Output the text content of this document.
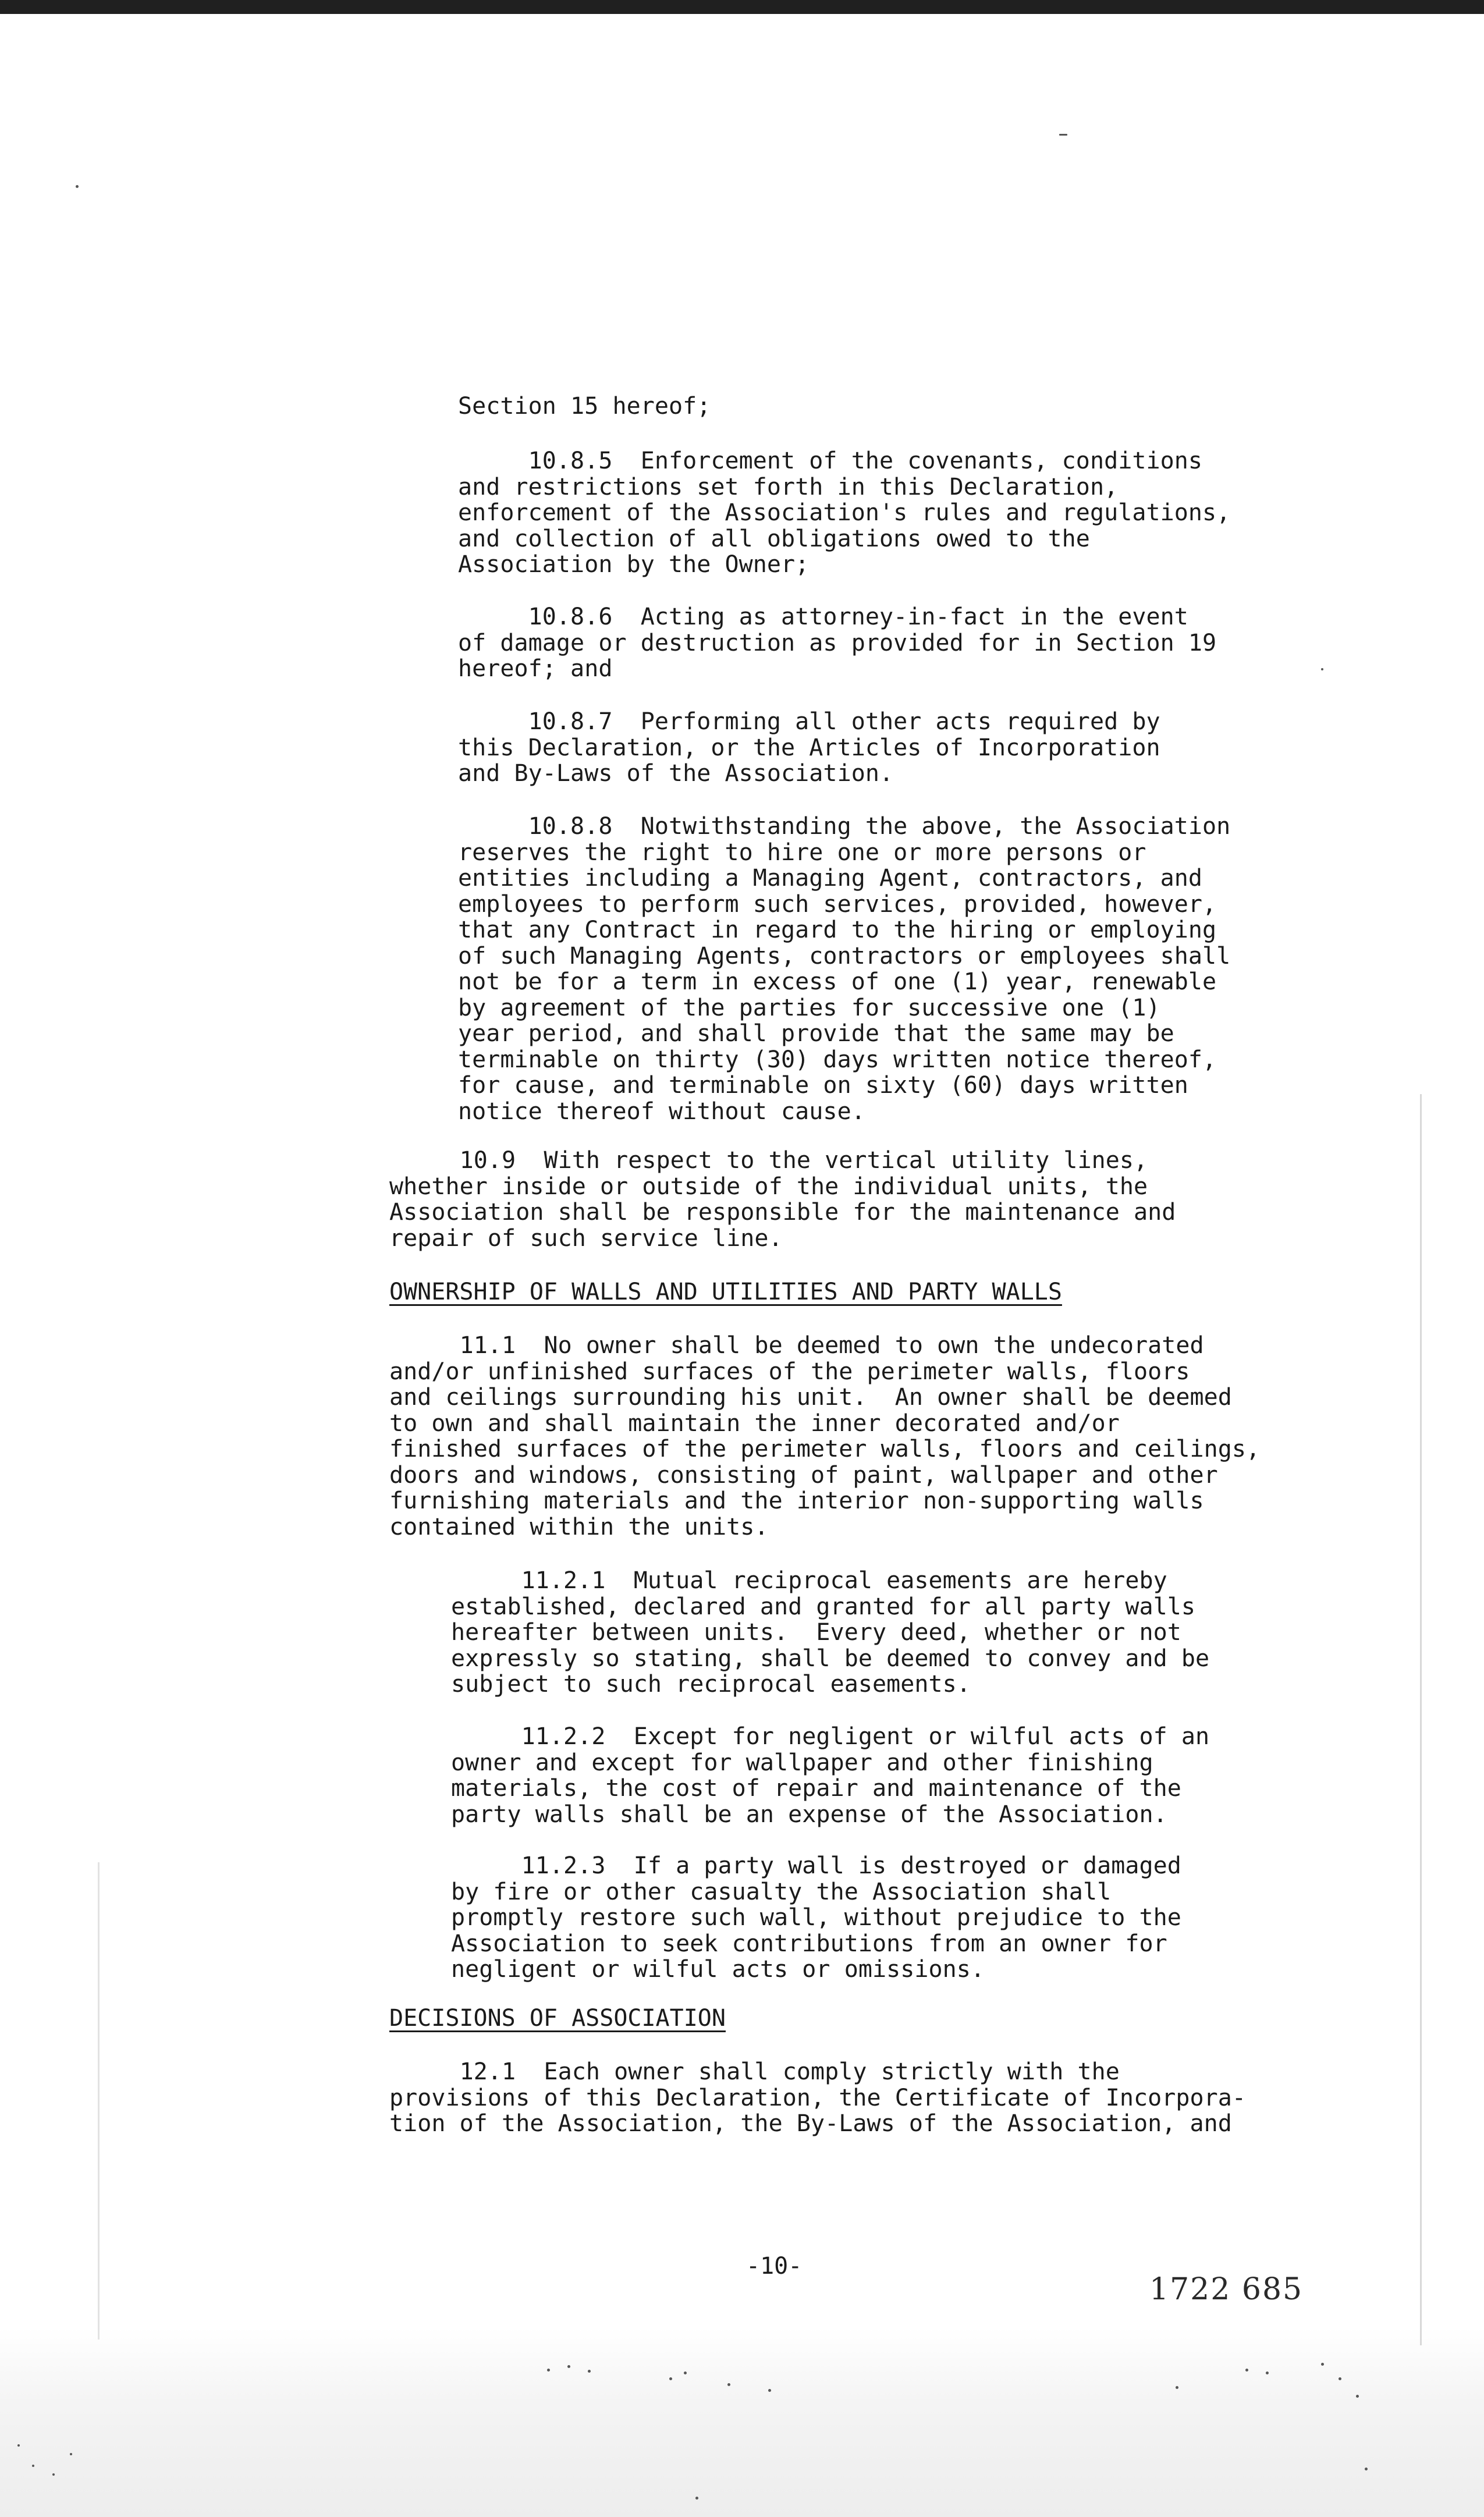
Section 15 hereof;

10.8.5  Enforcement of the covenants, conditions
and restrictions set forth in this Declaration,
enforcement of the Association's rules and regulations,
and collection of all obligations owed to the
Association by the Owner;

10.8.6  Acting as attorney-in-fact in the event
of damage or destruction as provided for in Section 19
hereof; and

10.8.7  Performing all other acts required by
this Declaration, or the Articles of Incorporation
and By-Laws of the Association.

10.8.8  Notwithstanding the above, the Association
reserves the right to hire one or more persons or
entities including a Managing Agent, contractors, and
employees to perform such services, provided, however,
that any Contract in regard to the hiring or employing
of such Managing Agents, contractors or employees shall
not be for a term in excess of one (1) year, renewable
by agreement of the parties for successive one (1)
year period, and shall provide that the same may be
terminable on thirty (30) days written notice thereof,
for cause, and terminable on sixty (60) days written
notice thereof without cause.

10.9  With respect to the vertical utility lines,
whether inside or outside of the individual units, the
Association shall be responsible for the maintenance and
repair of such service line.

OWNERSHIP OF WALLS AND UTILITIES AND PARTY WALLS

11.1  No owner shall be deemed to own the undecorated
and/or unfinished surfaces of the perimeter walls, floors
and ceilings surrounding his unit.  An owner shall be deemed
to own and shall maintain the inner decorated and/or
finished surfaces of the perimeter walls, floors and ceilings,
doors and windows, consisting of paint, wallpaper and other
furnishing materials and the interior non-supporting walls
contained within the units.

11.2.1  Mutual reciprocal easements are hereby
established, declared and granted for all party walls
hereafter between units.  Every deed, whether or not
expressly so stating, shall be deemed to convey and be
subject to such reciprocal easements.

11.2.2  Except for negligent or wilful acts of an
owner and except for wallpaper and other finishing
materials, the cost of repair and maintenance of the
party walls shall be an expense of the Association.

11.2.3  If a party wall is destroyed or damaged
by fire or other casualty the Association shall
promptly restore such wall, without prejudice to the
Association to seek contributions from an owner for
negligent or wilful acts or omissions.

DECISIONS OF ASSOCIATION

12.1  Each owner shall comply strictly with the
provisions of this Declaration, the Certificate of Incorpora-
tion of the Association, the By-Laws of the Association, and

-10-
1722 685
